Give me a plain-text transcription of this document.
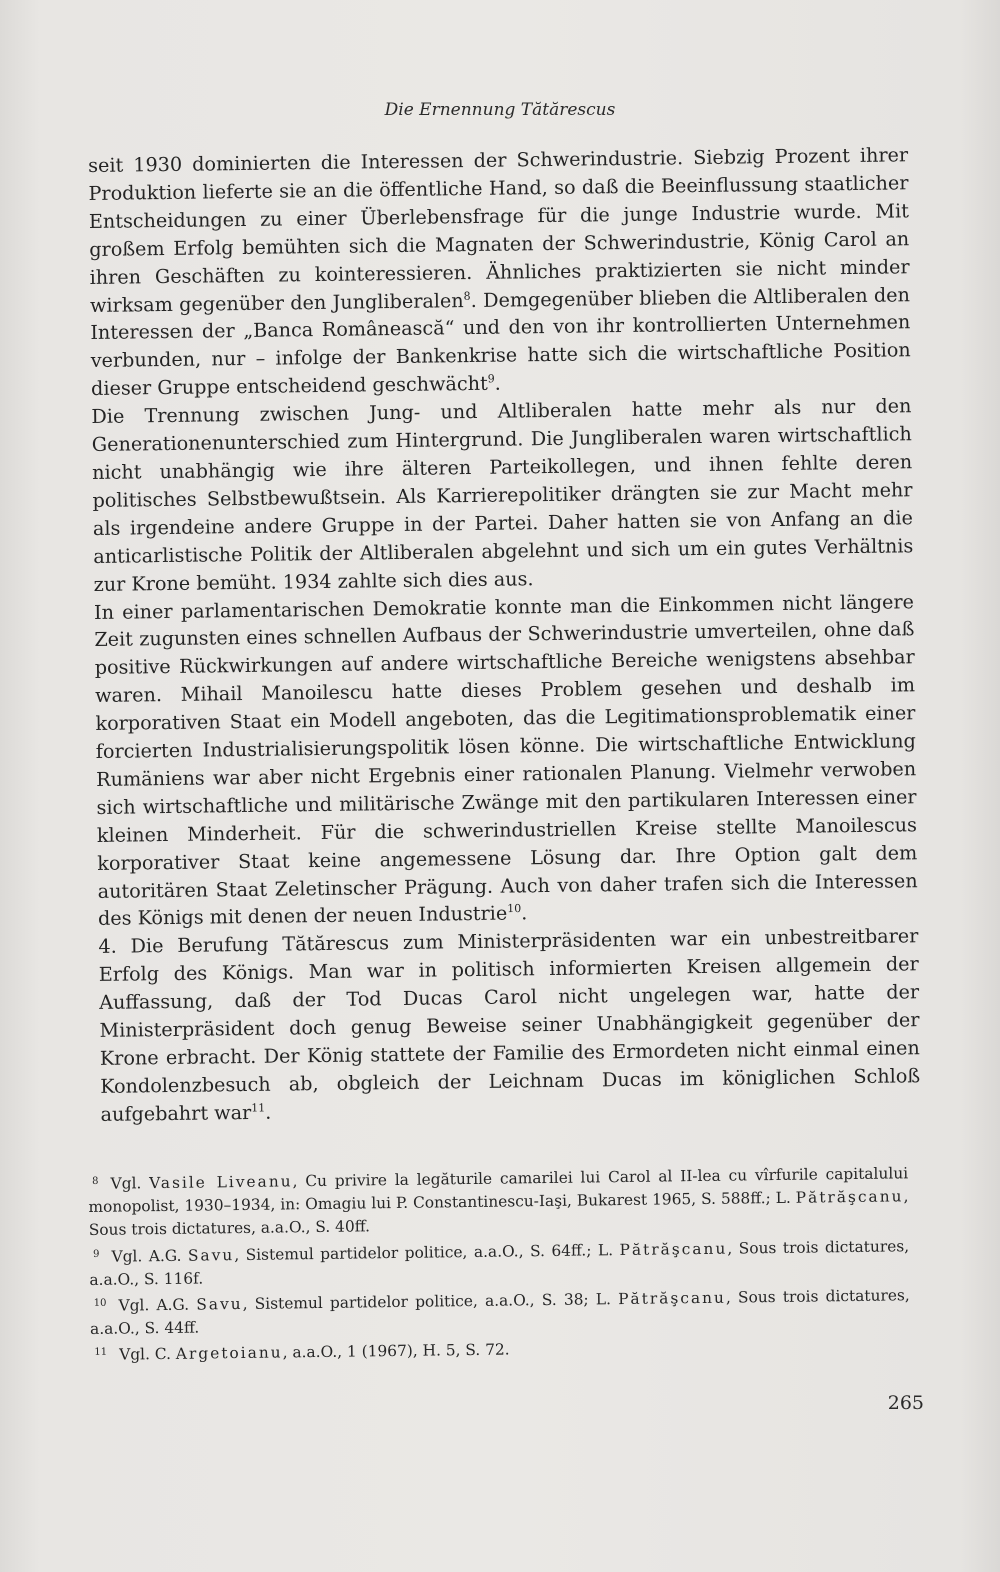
Die Ernennung Tătărescus

seit 1930 dominierten die Interessen der Schwerindustrie. Siebzig Prozent ihrer Produktion lieferte sie an die öffentliche Hand, so daß die Beeinflussung staatlicher Entscheidungen zu einer Überlebensfrage für die junge Industrie wurde. Mit großem Erfolg bemühten sich die Magnaten der Schwerindustrie, König Carol an ihren Geschäften zu kointeressieren. Ähnliches praktizierten sie nicht minder wirksam gegenüber den Jungliberalen$^8$. Demgegenüber blieben die Altliberalen den Interessen der „Banca Românească“ und den von ihr kontrollierten Unternehmen verbunden, nur – infolge der Bankenkrise hatte sich die wirtschaftliche Position dieser Gruppe entscheidend geschwächt$^9$.

Die Trennung zwischen Jung- und Altliberalen hatte mehr als nur den Generationenunterschied zum Hintergrund. Die Jungliberalen waren wirtschaftlich nicht unabhängig wie ihre älteren Parteikollegen, und ihnen fehlte deren politisches Selbstbewußtsein. Als Karrierepolitiker drängten sie zur Macht mehr als irgendeine andere Gruppe in der Partei. Daher hatten sie von Anfang an die anticarlistische Politik der Altliberalen abgelehnt und sich um ein gutes Verhältnis zur Krone bemüht. 1934 zahlte sich dies aus.

In einer parlamentarischen Demokratie konnte man die Einkommen nicht längere Zeit zugunsten eines schnellen Aufbaus der Schwerindustrie umverteilen, ohne daß positive Rückwirkungen auf andere wirtschaftliche Bereiche wenigstens absehbar waren. Mihail Manoilescu hatte dieses Problem gesehen und deshalb im korporativen Staat ein Modell angeboten, das die Legitimationsproblematik einer forcierten Industrialisierungspolitik lösen könne. Die wirtschaftliche Entwicklung Rumäniens war aber nicht Ergebnis einer rationalen Planung. Vielmehr verwoben sich wirtschaftliche und militärische Zwänge mit den partikularen Interessen einer kleinen Minderheit. Für die schwerindustriellen Kreise stellte Manoilescus korporativer Staat keine angemessene Lösung dar. Ihre Option galt dem autoritären Staat Zeletinscher Prägung. Auch von daher trafen sich die Interessen des Königs mit denen der neuen Industrie$^{10}$.

4. Die Berufung Tătărescus zum Ministerpräsidenten war ein unbestreitbarer Erfolg des Königs. Man war in politisch informierten Kreisen allgemein der Auffassung, daß der Tod Ducas Carol nicht ungelegen war, hatte der Ministerpräsident doch genug Beweise seiner Unabhängigkeit gegenüber der Krone erbracht. Der König stattete der Familie des Ermordeten nicht einmal einen Kondolenzbesuch ab, obgleich der Leichnam Ducas im königlichen Schloß aufgebahrt war$^{11}$.

$^8$ Vgl. Vasile Liveanu, Cu privire la legăturile camarilei lui Carol al II-lea cu vîrfurile capitalului monopolist, 1930–1934, in: Omagiu lui P. Constantinescu-Iaşi, Bukarest 1965, S. 588ff.; L. Pătrăşcanu, Sous trois dictatures, a.a.O., S. 40ff.

$^9$ Vgl. A.G. Savu, Sistemul partidelor politice, a.a.O., S. 64ff.; L. Pătrăşcanu, Sous trois dictatures, a.a.O., S. 116f.

$^{10}$ Vgl. A.G. Savu, Sistemul partidelor politice, a.a.O., S. 38; L. Pătrăşcanu, Sous trois dictatures, a.a.O., S. 44ff.

$^{11}$ Vgl. C. Argetoianu, a.a.O., 1 (1967), H. 5, S. 72.

265
